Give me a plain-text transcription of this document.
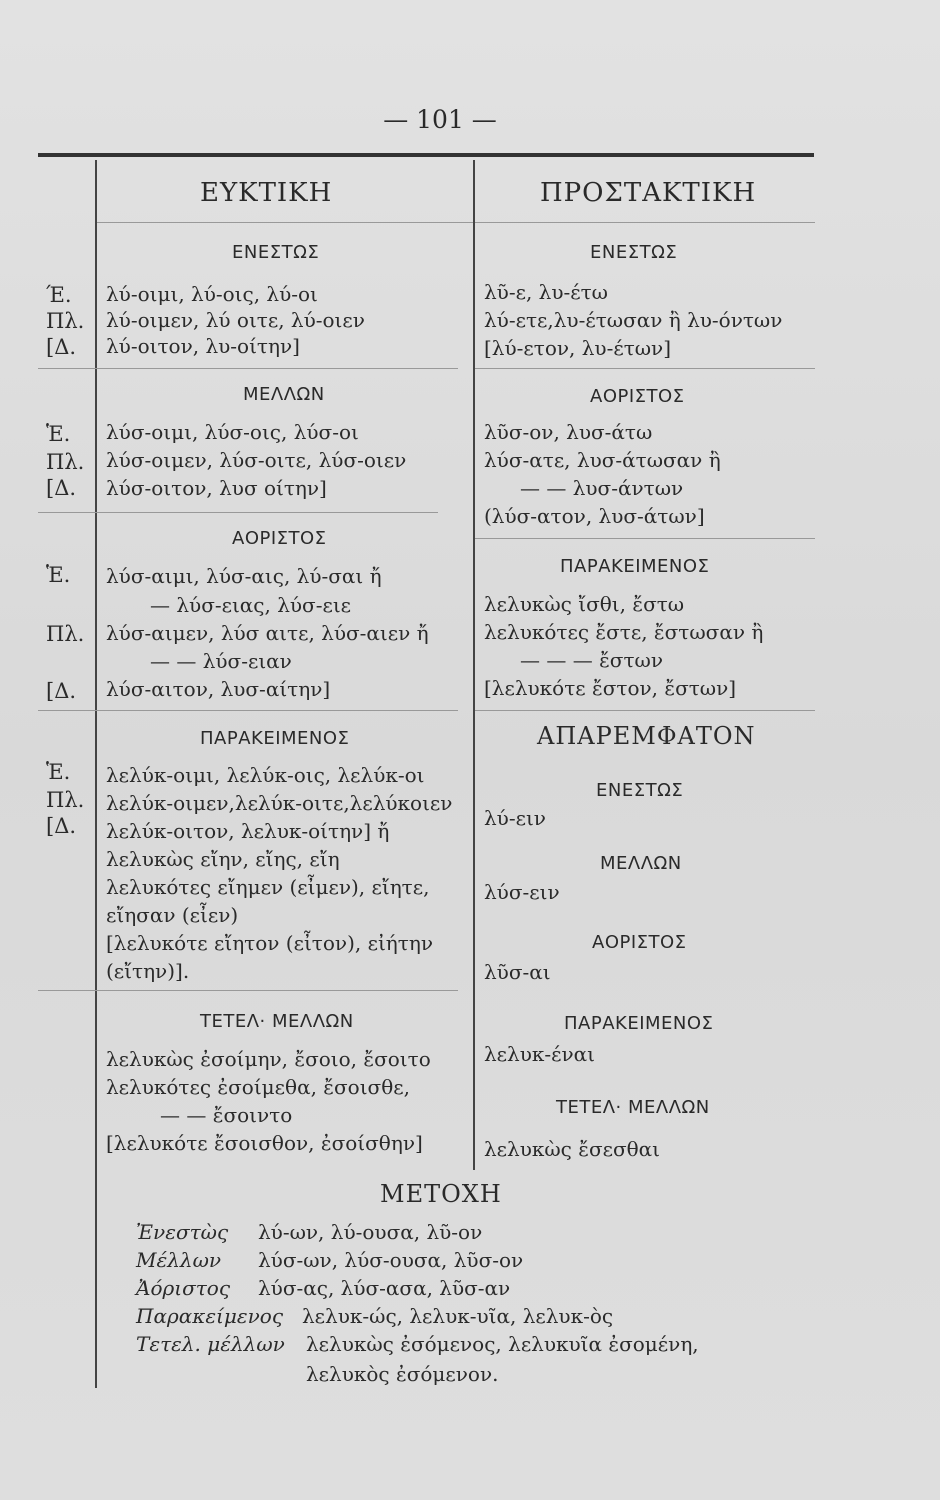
— 101 —
ΕΥΚΤΙΚΗ
ΕΝΕΣΤΩΣ
Έ.
Πλ.
[Δ.
λύ-οιμι, λύ-οις, λύ-οι
λύ-οιμεν, λύ οιτε, λύ-οιεν
λύ-οιτον, λυ-οίτην]
ΜΕΛΛΩΝ
Ἑ.
Πλ.
[Δ.
λύσ-οιμι, λύσ-οις, λύσ-οι
λύσ-οιμεν, λύσ-οιτε, λύσ-οιεν
λύσ-οιτον, λυσ οίτην]
ΑΟΡΙΣΤΟΣ
Ἑ.
Πλ.
[Δ.
λύσ-αιμι, λύσ-αις, λύ-σαι ἤ
— λύσ-ειας, λύσ-ειε
λύσ-αιμεν, λύσ αιτε, λύσ-αιεν ἤ
— — λύσ-ειαν
λύσ-αιτον, λυσ-αίτην]
ΠΑΡΑΚΕΙΜΕΝΟΣ
Ἑ.
Πλ.
[Δ.
λελύκ-οιμι, λελύκ-οις, λελύκ-οι
λελύκ-οιμεν,λελύκ-οιτε,λελύκοιεν
λελύκ-οιτον, λελυκ-οίτην] ἤ
λελυκὼς εἴην, εἴης, εἴη
λελυκότες εἴημεν (εἶμεν), εἴητε,
εἴησαν (εἶεν)
[λελυκότε εἴητον (εἶτον), εἰήτην
(εἴτην)].
ΤΕΤΕΛ· ΜΕΛΛΩΝ
λελυκὼς ἐσοίμην, ἔσοιο, ἔσοιτο
λελυκότες ἐσοίμεθα, ἔσοισθε,
— — ἔσοιντο
[λελυκότε ἔσοισθον, ἐσοίσθην]
ΠΡΟΣΤΑΚΤΙΚΗ
ΕΝΕΣΤΩΣ
λῦ-ε, λυ-έτω
λύ-ετε,λυ-έτωσαν ἢ λυ-όντων
[λύ-ετον, λυ-έτων]
ΑΟΡΙΣΤΟΣ
λῦσ-ον, λυσ-άτω
λύσ-ατε, λυσ-άτωσαν ἢ
— — λυσ-άντων
(λύσ-ατον, λυσ-άτων]
ΠΑΡΑΚΕΙΜΕΝΟΣ
λελυκὼς ἴσθι, ἔστω
λελυκότες ἔστε, ἔστωσαν ἢ
— — — ἔστων
[λελυκότε ἔστον, ἔστων]
ΑΠΑΡΕΜΦΑΤΟΝ
ΕΝΕΣΤΩΣ
λύ-ειν
ΜΕΛΛΩΝ
λύσ-ειν
ΑΟΡΙΣΤΟΣ
λῦσ-αι
ΠΑΡΑΚΕΙΜΕΝΟΣ
λελυκ-έναι
ΤΕΤΕΛ· ΜΕΛΛΩΝ
λελυκὼς ἔσεσθαι
ΜΕΤΟΧΗ
Ἐνεστὼς λύ-ων, λύ-ουσα, λῦ-ον
Μέλλων λύσ-ων, λύσ-ουσα, λῦσ-ον
Ἀόριστος λύσ-ας, λύσ-ασα, λῦσ-αν
Παρακείμενος λελυκ-ώς, λελυκ-υῖα, λελυκ-ὸς
Τετελ. μέλλων λελυκὼς ἐσόμενος, λελυκυῖα ἐσομένη,
λελυκὸς ἐσόμενον.
